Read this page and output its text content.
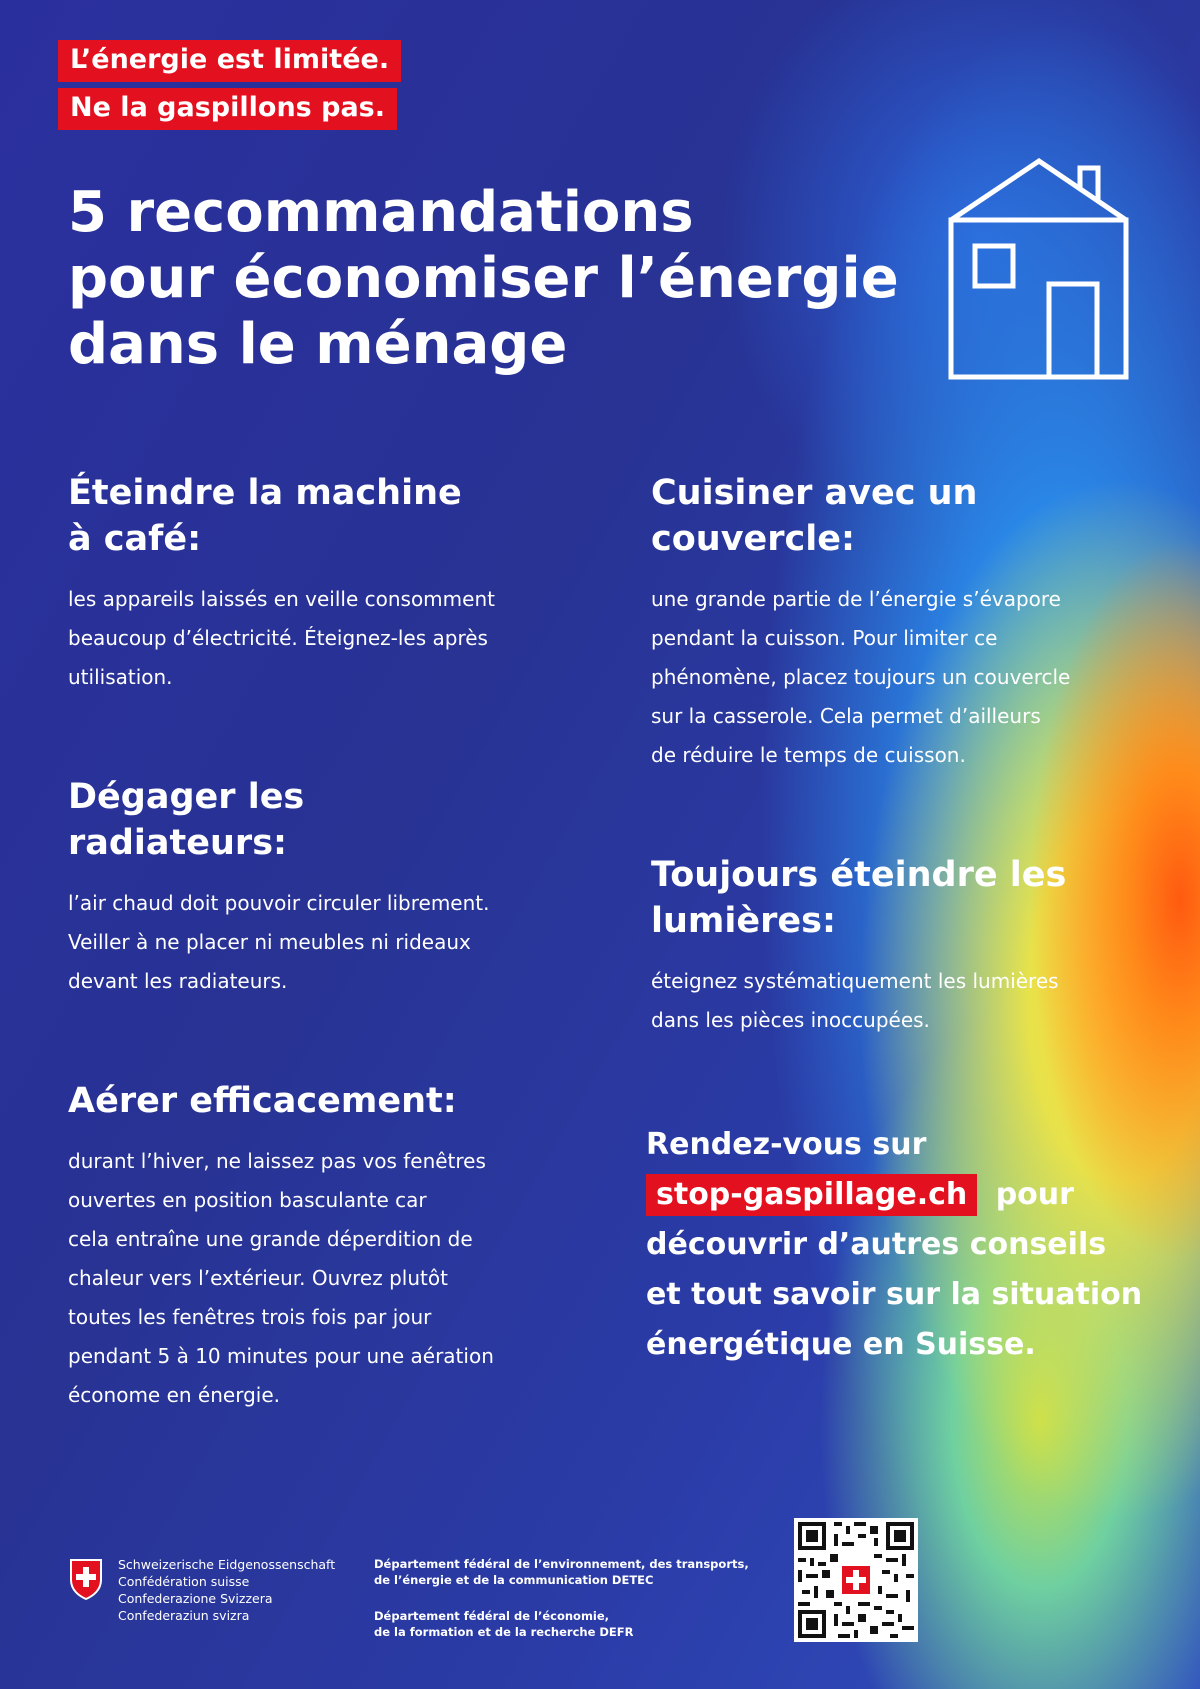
L’énergie est limitée.
Ne la gaspillons pas.
5 recommandations
pour économiser l’énergie
dans le ménage
Éteindre la machine
à café:

les appareils laissés en veille consomment
beaucoup d’électricité. Éteignez-les après
utilisation.

Dégager les
radiateurs:

l’air chaud doit pouvoir circuler librement.
Veiller à ne placer ni meubles ni rideaux
devant les radiateurs.

Aérer efficacement:

durant l’hiver, ne laissez pas vos fenêtres
ouvertes en position basculante car
cela entraîne une grande déperdition de
chaleur vers l’extérieur. Ouvrez plutôt
toutes les fenêtres trois fois par jour
pendant 5 à 10 minutes pour une aération
économe en énergie.

Cuisiner avec un
couvercle:

une grande partie de l’énergie s’évapore
pendant la cuisson. Pour limiter ce
phénomène, placez toujours un couvercle
sur la casserole. Cela permet d’ailleurs
de réduire le temps de cuisson.

Toujours éteindre les
lumières:

éteignez systématiquement les lumières
dans les pièces inoccupées.

Rendez-vous sur
stop-gaspillage.ch pour
découvrir d’autres conseils
et tout savoir sur la situation
énergétique en Suisse.
Schweizerische Eidgenossenschaft
Confédération suisse
Confederazione Svizzera
Confederaziun svizra
Département fédéral de l’environnement, des transports,
de l’énergie et de la communication DETEC
Département fédéral de l’économie,
de la formation et de la recherche DEFR
